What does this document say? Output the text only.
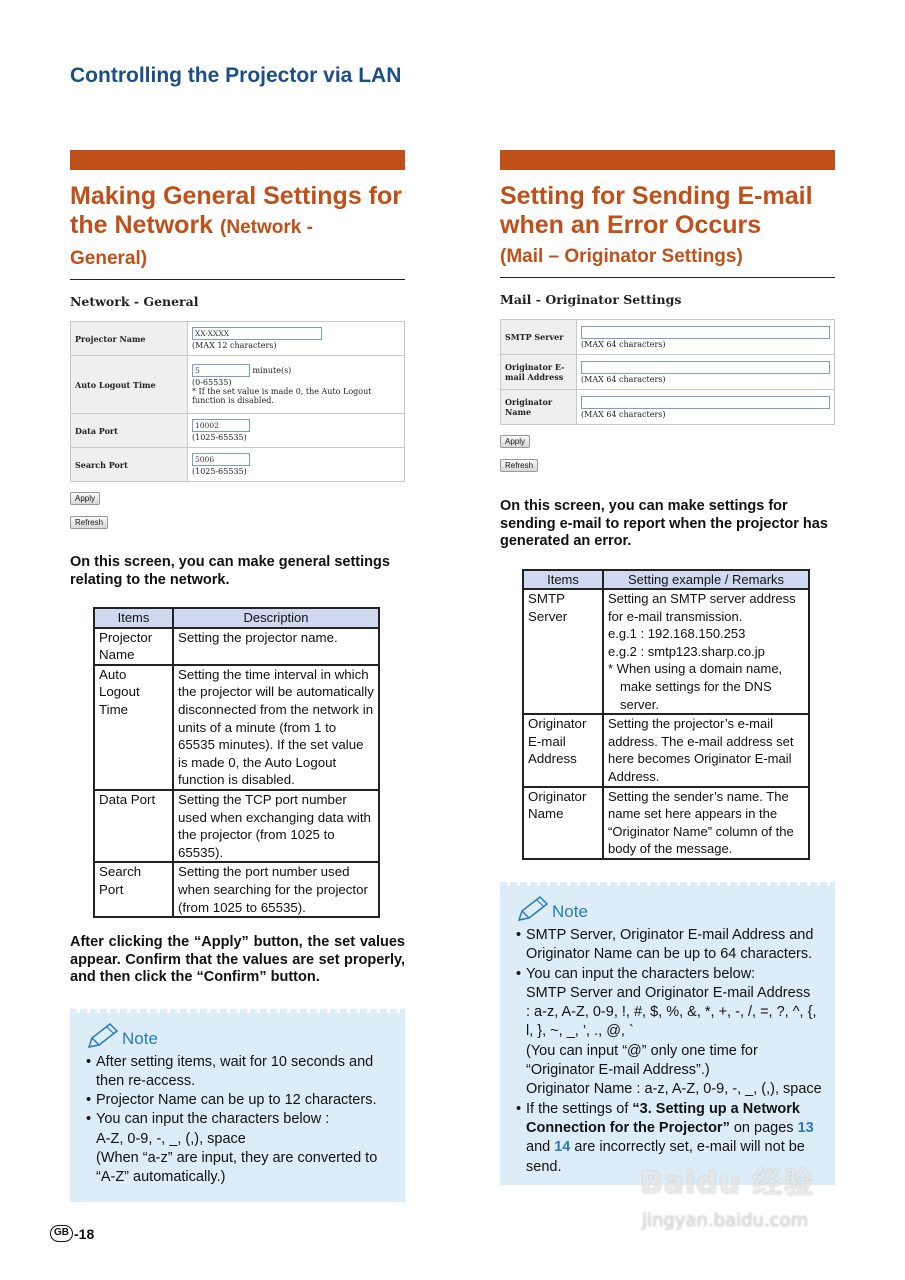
Controlling the Projector via LAN
Making General Settings for the Network (Network -
General)
Network - General
Projector Name	XX-XXXX
(MAX 12 characters)
Auto Logout Time	5 minute(s)
(0-65535)
* If the set value is made 0, the Auto Logout function is disabled.
Data Port	10002
(1025-65535)
Search Port	5006
(1025-65535)
Apply
Refresh
On this screen, you can make general settings relating to the network.
Items	Description
Projector Name	Setting the projector name.
Auto Logout Time	Setting the time interval in which the projector will be automatically disconnected from the network in units of a minute (from 1 to 65535 minutes). If the set value is made 0, the Auto Logout function is disabled.
Data Port	Setting the TCP port number used when exchanging data with the projector (from 1025 to 65535).
Search Port	Setting the port number used when searching for the projector (from 1025 to 65535).
After clicking the “Apply” button, the set values appear. Confirm that the values are set properly, and then click the “Confirm” button.
Note
• After setting items, wait for 10 seconds and then re-access.
• Projector Name can be up to 12 characters.
• You can input the characters below :
A-Z, 0-9, -, _, (,), space
(When “a-z” are input, they are converted to “A-Z” automatically.)
Setting for Sending E-mail when an Error Occurs
(Mail – Originator Settings)
Mail - Originator Settings
SMTP Server	(MAX 64 characters)
Originator E-mail Address	(MAX 64 characters)
Originator Name	(MAX 64 characters)
Apply
Refresh
On this screen, you can make settings for sending e-mail to report when the projector has generated an error.
Items	Setting example / Remarks
SMTP Server	Setting an SMTP server address for e-mail transmission.
e.g.1 : 192.168.150.253
e.g.2 : smtp123.sharp.co.jp
* When using a domain name, make settings for the DNS server.

Originator E-mail Address	Setting the projector’s e-mail address. The e-mail address set here becomes Originator E-mail Address.
Originator Name	Setting the sender’s name. The name set here appears in the “Originator Name” column of the body of the message.
Note
• SMTP Server, Originator E-mail Address and Originator Name can be up to 64 characters.
• You can input the characters below:
SMTP Server and Originator E-mail Address
: a-z, A-Z, 0-9, !, #, $, %, &, *, +, -, /, =, ?, ^, {, l, }, ~, _, ’, ., @, `
(You can input “@” only one time for “Originator E-mail Address”.)
Originator Name : a-z, A-Z, 0-9, -, _, (,), space
• If the settings of “3. Setting up a Network Connection for the Projector” on pages 13 and 14 are incorrectly set, e-mail will not be send.
GB -18
Baidu 经验
jingyan.baidu.com
